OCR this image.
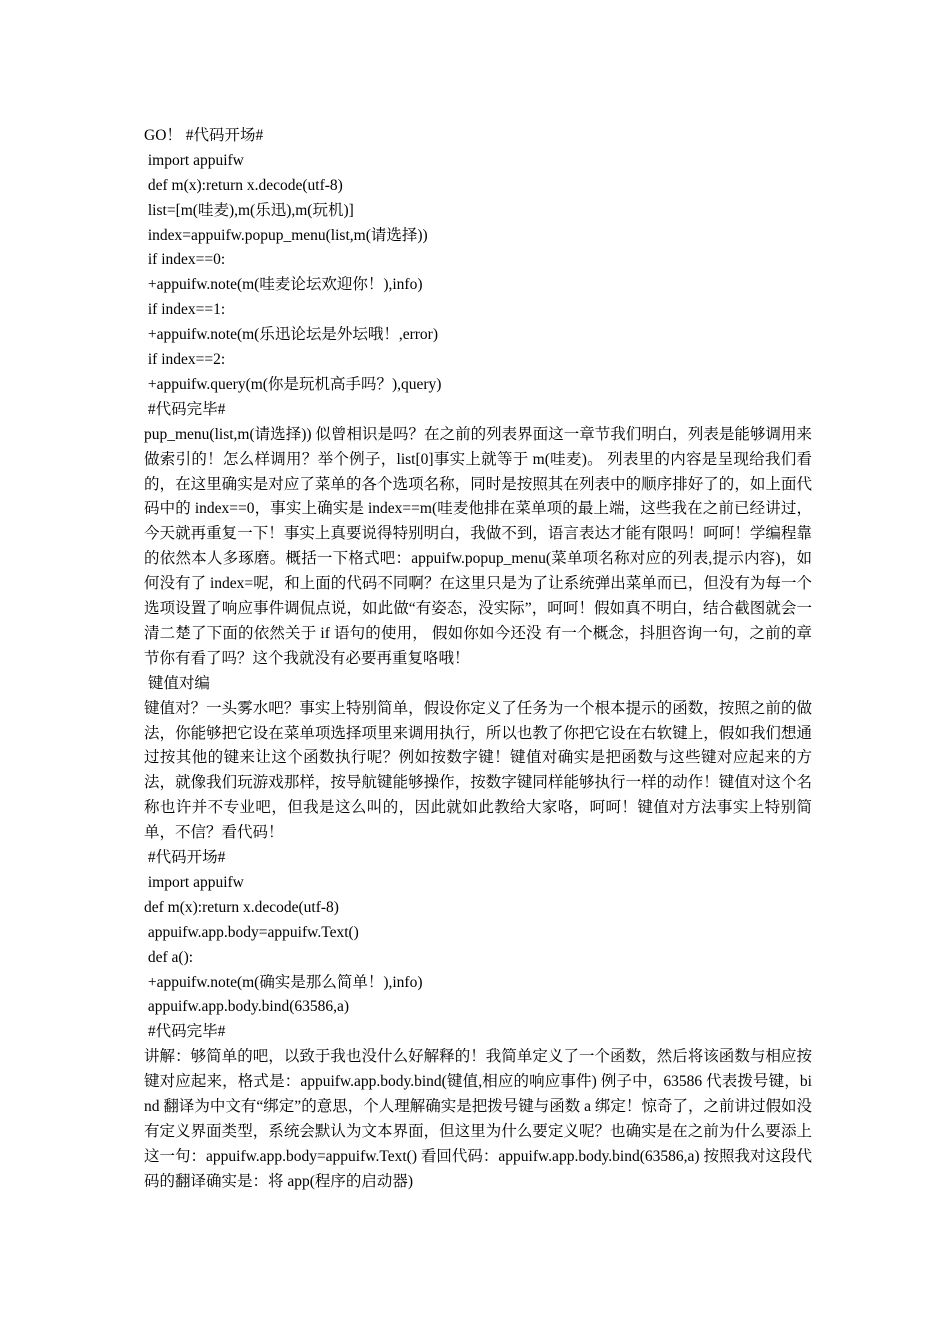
GO！ #代码开场#
import appuifw
def m(x):return x.decode(utf-8)
list=[m(哇麦),m(乐迅),m(玩机)]
index=appuifw.popup_menu(list,m(请选择))
if index==0:
+appuifw.note(m(哇麦论坛欢迎你！),info)
if index==1:
+appuifw.note(m(乐迅论坛是外坛哦！,error)
if index==2:
+appuifw.query(m(你是玩机高手吗？),query)
#代码完毕#
pup_menu(list,m(请选择)) 似曾相识是吗？在之前的列表界面这一章节我们明白，列表是能够调用来做索引的！怎么样调用？举个例子，list[0]事实上就等于 m(哇麦)。 列表里的内容是呈现给我们看的，在这里确实是对应了菜单的各个选项名称，同时是按照其在列表中的顺序排好了的，如上面代码中的 index==0，事实上确实是 index==m(哇麦他排在菜单项的最上端，这些我在之前已经讲过，今天就再重复一下！事实上真要说得特别明白，我做不到，语言表达才能有限吗！呵呵！学编程靠的依然本人多琢磨。概括一下格式吧：appuifw.popup_menu(菜单项名称对应的列表,提示内容)，如何没有了 index=呢，和上面的代码不同啊？在这里只是为了让系统弹出菜单而已，但没有为每一个选项设置了响应事件调侃点说，如此做“有姿态，没实际”，呵呵！假如真不明白，结合截图就会一清二楚了下面的依然关于 if 语句的使用， 假如你如今还没 有一个概念，抖胆咨询一句，之前的章节你有看了吗？这个我就没有必要再重复咯哦！
键值对编
键值对？一头雾水吧？事实上特别简单，假设你定义了任务为一个根本提示的函数，按照之前的做法，你能够把它设在菜单项选择项里来调用执行，所以也教了你把它设在右软键上，假如我们想通过按其他的键来让这个函数执行呢？例如按数字键！键值对确实是把函数与这些键对应起来的方法，就像我们玩游戏那样，按导航键能够操作，按数字键同样能够执行一样的动作！键值对这个名称也许并不专业吧，但我是这么叫的，因此就如此教给大家咯，呵呵！键值对方法事实上特别简单，不信？看代码！
#代码开场#
import appuifw
def m(x):return x.decode(utf-8)
appuifw.app.body=appuifw.Text()
def a():
+appuifw.note(m(确实是那么简单！),info)
appuifw.app.body.bind(63586,a)
#代码完毕#
讲解：够简单的吧，以致于我也没什么好解释的！我简单定义了一个函数，然后将该函数与相应按键对应起来，格式是：appuifw.app.body.bind(键值,相应的响应事件) 例子中，63586 代表拨号键，bind 翻译为中文有“绑定”的意思，个人理解确实是把拨号键与函数 a 绑定！惊奇了，之前讲过假如没有定义界面类型，系统会默认为文本界面，但这里为什么要定义呢？也确实是在之前为什么要添上这一句：appuifw.app.body=appuifw.Text() 看回代码：appuifw.app.body.bind(63586,a) 按照我对这段代码的翻译确实是：将 app(程序的启动器)
